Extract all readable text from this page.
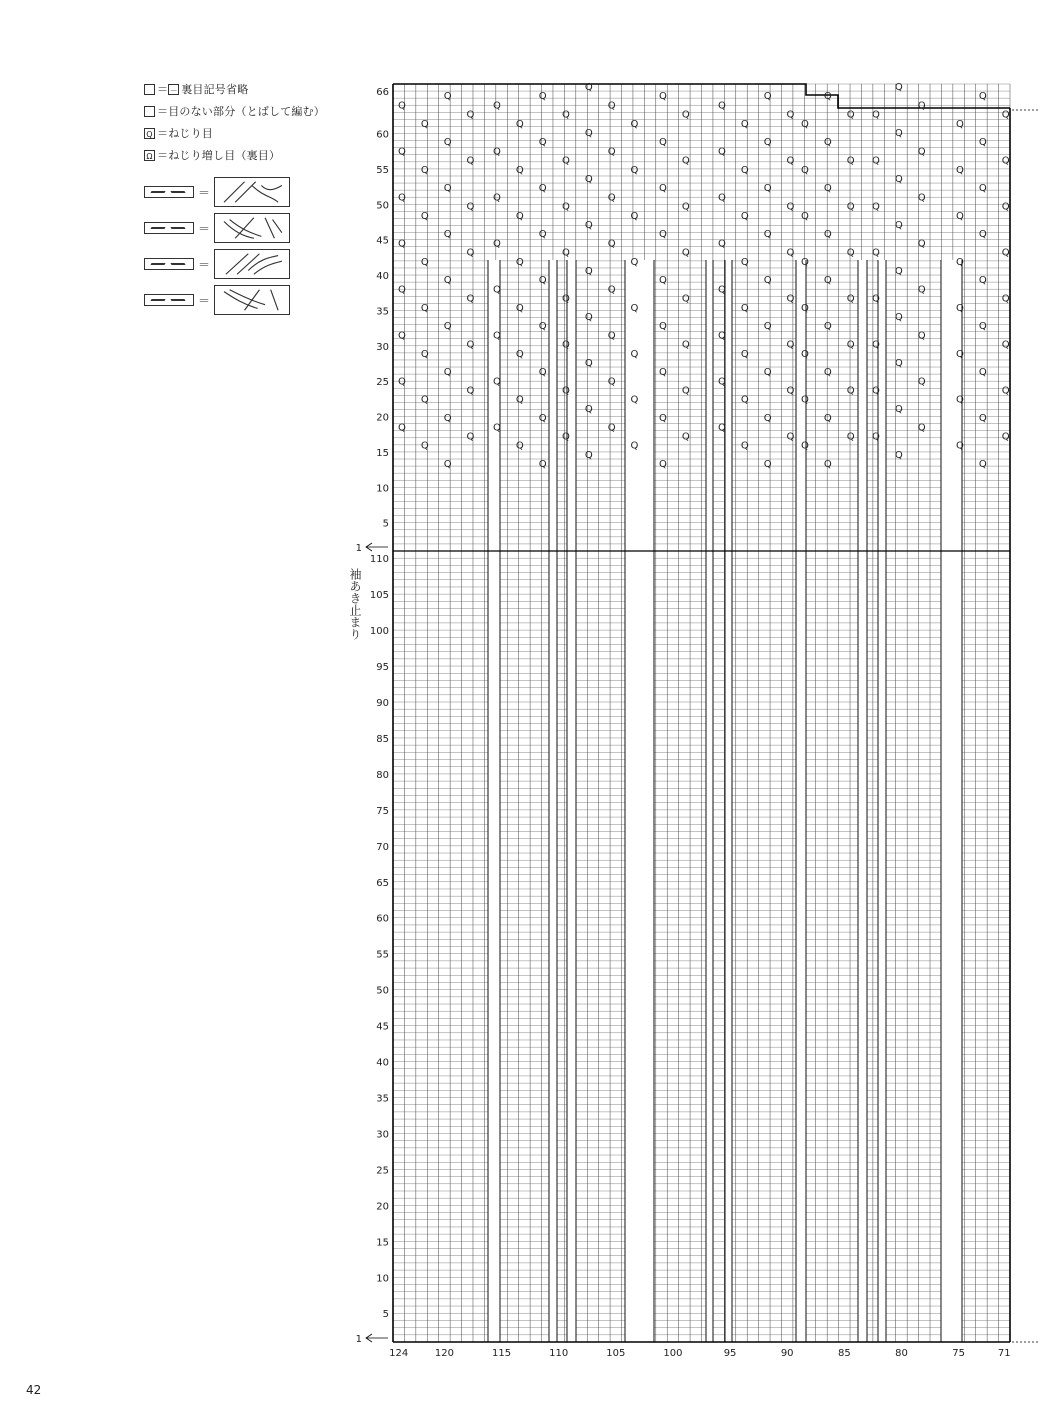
＝ － 裏目記号省略
＝目のない部分（とばして編む）
Q ＝ねじり目
Ω ＝ねじり増し目（裏目）
＝
＝
＝
＝
Q
Q
Q
Q
Q
Q
Q
Q
Q
Q
Q
Q
Q
Q
Q
Q
Q
Q
Q
Q
Q
Q
Q
Q
Q
Q
Q
Q
Q
Q
Q
Q
Q
Q
Q
Q
Q
Q
Q
Q
Q
Q
Q
Q
Q
Q
Q
Q
Q
Q
Q
Q
Q
Q
Q
Q
Q
Q
Q
Q
Q
Q
Q
Q
Q
Q
Q
Q
Q
Q
Q
Q
Q
Q
Q
Q
Q
Q
Q
Q
Q
Q
Q
Q
Q
Q
Q
Q
Q
Q
Q
Q
Q
Q
Q
Q
Q
Q
Q
Q
Q
Q
Q
Q
Q
Q
Q
Q
Q
Q
Q
Q
Q
Q
Q
Q
Q
Q
Q
Q
Q
Q
Q
Q
Q
Q
Q
Q
Q
Q
Q
Q
Q
Q
Q
Q
Q
Q
Q
Q
Q
Q
Q
Q
Q
Q
Q
Q
Q
Q
Q
Q
Q
Q
Q
Q
Q
Q
Q
Q
Q
Q
Q
Q
Q
Q
Q
Q
Q
Q
Q
Q
Q
Q
Q
Q
Q
Q
Q
Q
Q
Q
Q
Q
Q
Q
Q
Q
Q
Q
Q
Q
Q
Q
Q
Q
Q
Q
Q
Q
Q
Q
Q
Q
Q
Q
Q
Q
Q
Q
Q
Q
Q
Q
Q
Q
66
60
55
50
45
40
35
30
25
20
15
10
5
110
105
100
95
90
85
80
75
70
65
60
55
50
45
40
35
30
25
20
15
10
5
1
1
124	120	115	110	105	100	95	90	85	80	75	71
袖あき止まり
42
